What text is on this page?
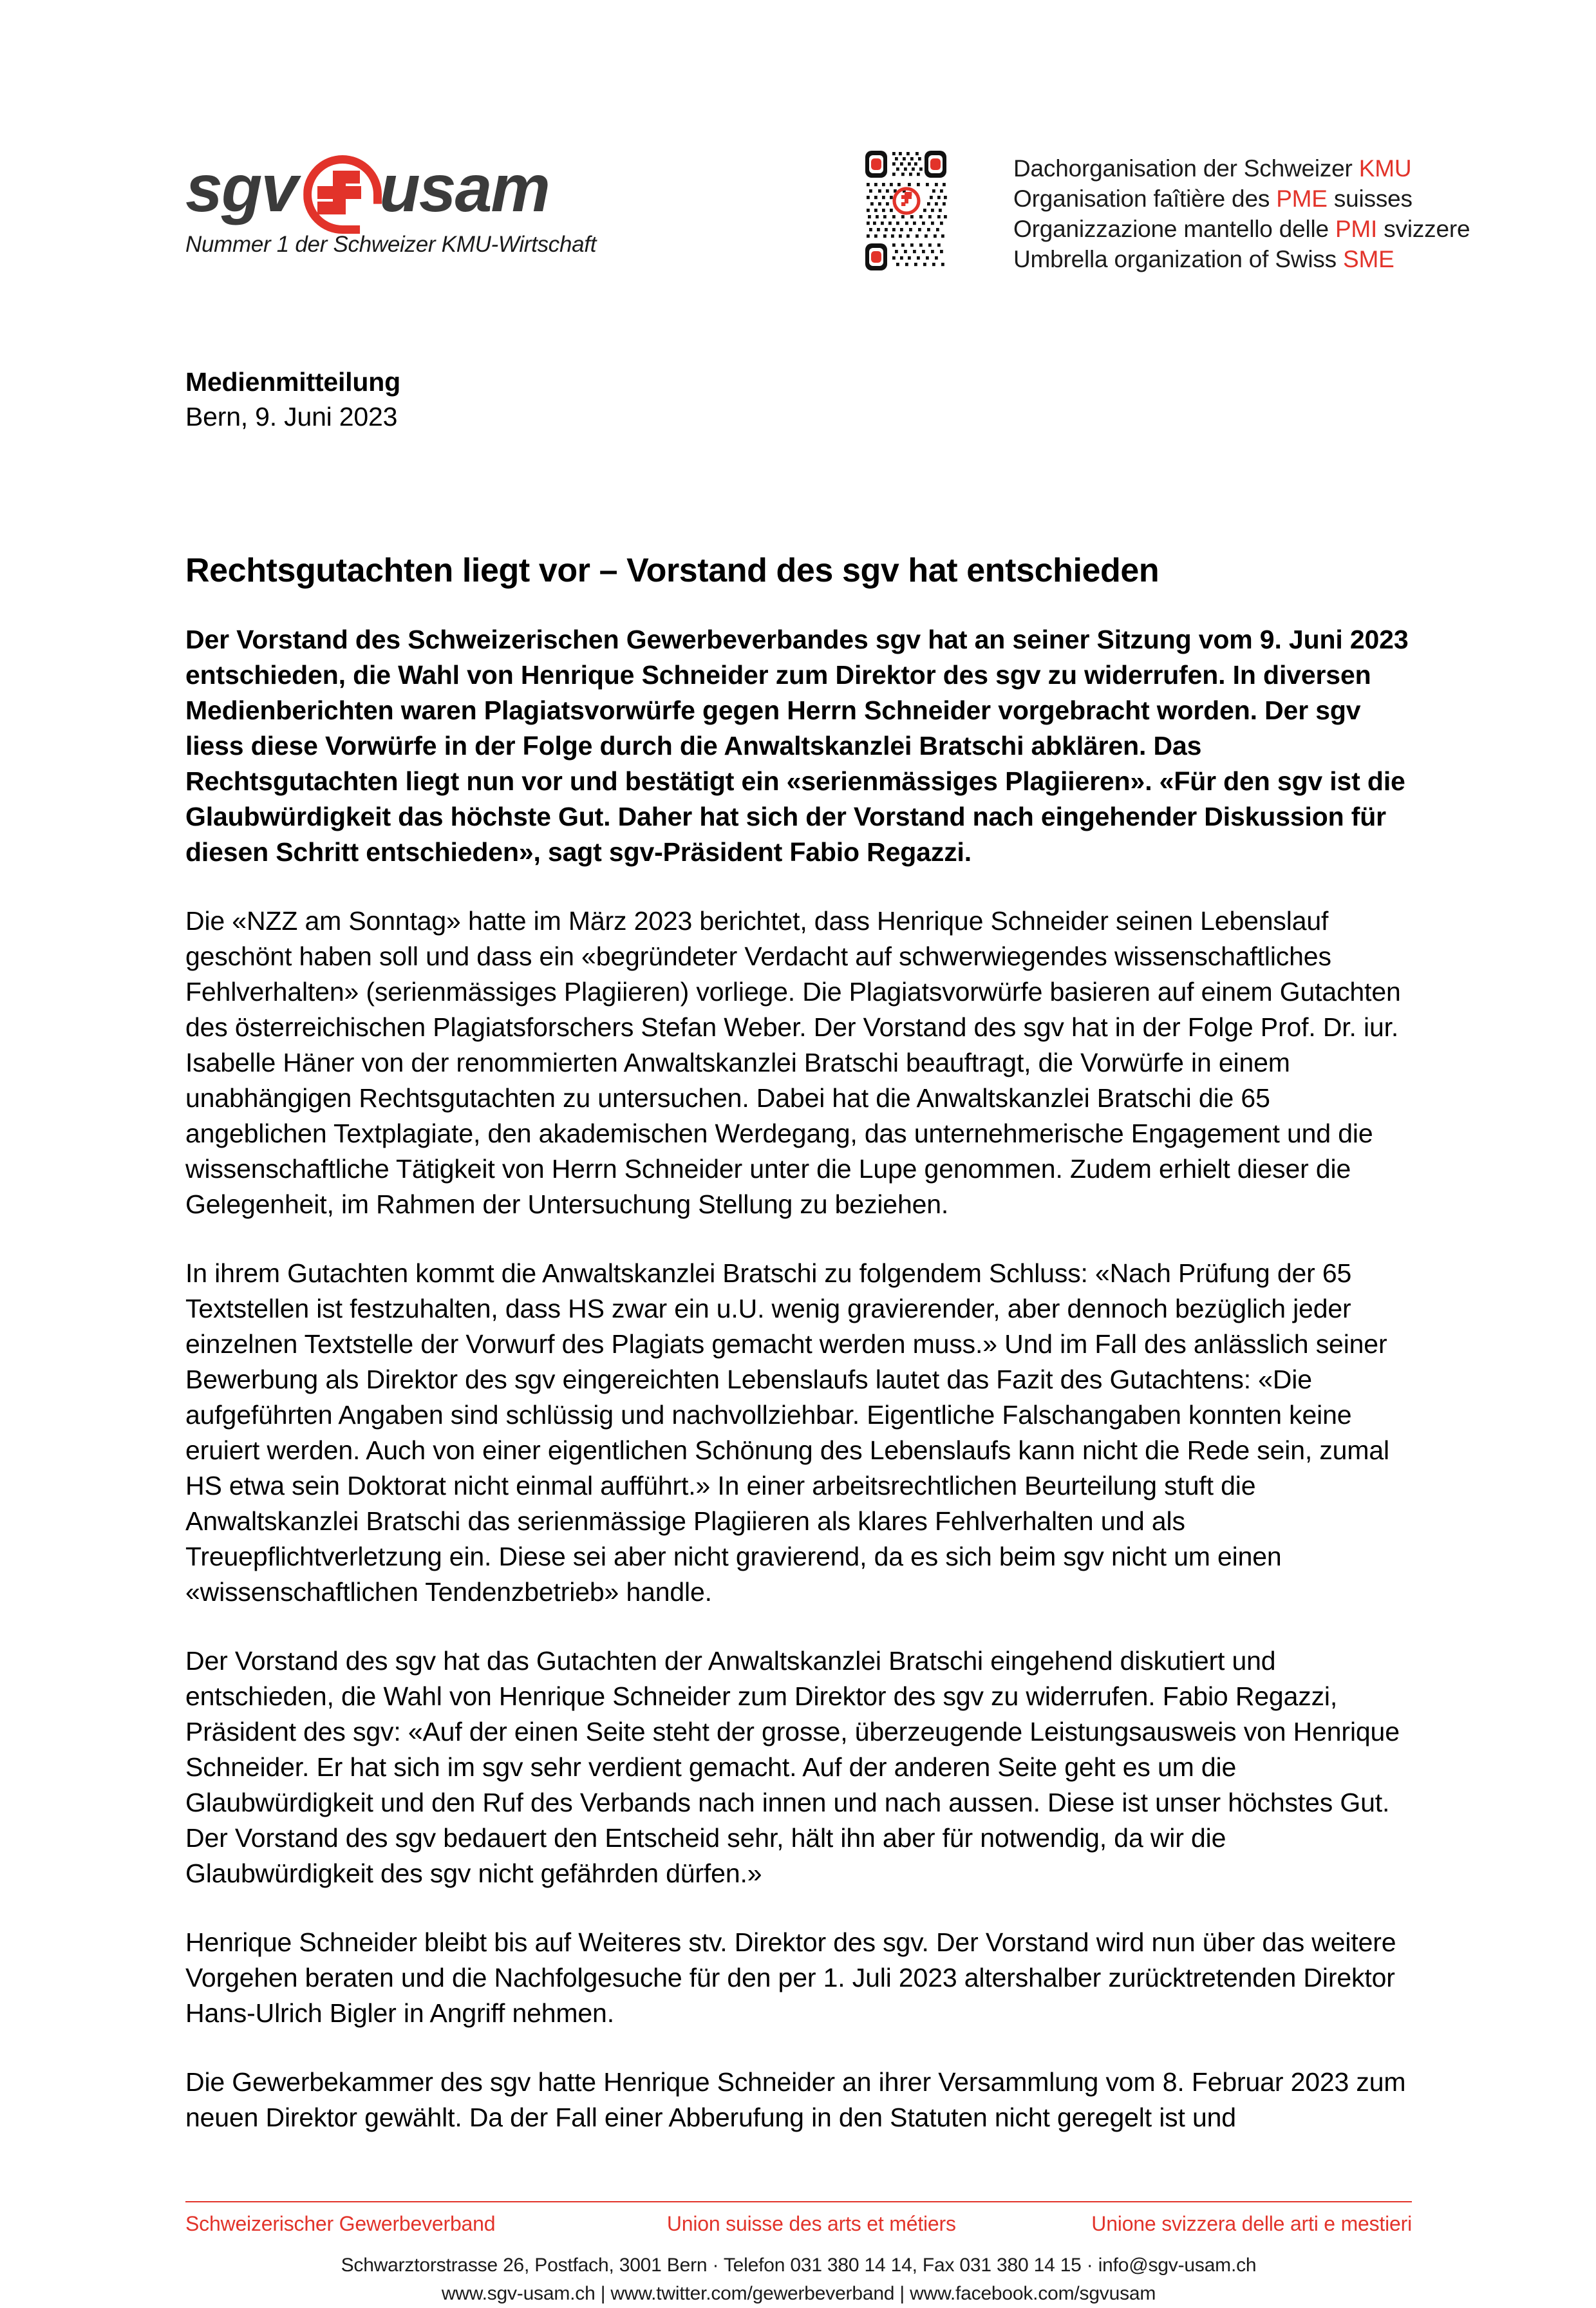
sgv usam
Nummer 1 der Schweizer KMU-Wirtschaft
Dachorganisation der Schweizer KMU
Organisation faîtière des PME suisses
Organizzazione mantello delle PMI svizzere
Umbrella organization of Swiss SME
Medienmitteilung
Bern, 9. Juni 2023
Rechtsgutachten liegt vor – Vorstand des sgv hat entschieden

Der Vorstand des Schweizerischen Gewerbeverbandes sgv hat an seiner Sitzung vom 9. Juni 2023 entschieden, die Wahl von Henrique Schneider zum Direktor des sgv zu widerrufen. In diversen Medienberichten waren Plagiatsvorwürfe gegen Herrn Schneider vorgebracht worden. Der sgv liess diese Vorwürfe in der Folge durch die Anwaltskanzlei Bratschi abklären. Das Rechtsgutachten liegt nun vor und bestätigt ein «serienmässiges Plagiieren». «Für den sgv ist die Glaubwürdigkeit das höchste Gut. Daher hat sich der Vorstand nach eingehender Diskussion für diesen Schritt entschieden», sagt sgv-Präsident Fabio Regazzi.

Die «NZZ am Sonntag» hatte im März 2023 berichtet, dass Henrique Schneider seinen Lebenslauf geschönt haben soll und dass ein «begründeter Verdacht auf schwerwiegendes wissenschaftliches Fehlverhalten» (serienmässiges Plagiieren) vorliege. Die Plagiatsvorwürfe basieren auf einem Gutachten des österreichischen Plagiatsforschers Stefan Weber. Der Vorstand des sgv hat in der Folge Prof. Dr. iur. Isabelle Häner von der renommierten Anwaltskanzlei Bratschi beauftragt, die Vorwürfe in einem unabhängigen Rechtsgutachten zu untersuchen. Dabei hat die Anwaltskanzlei Bratschi die 65 angeblichen Textplagiate, den akademischen Werdegang, das unternehmerische Engagement und die wissenschaftliche Tätigkeit von Herrn Schneider unter die Lupe genommen. Zudem erhielt dieser die Gelegenheit, im Rahmen der Untersuchung Stellung zu beziehen.

In ihrem Gutachten kommt die Anwaltskanzlei Bratschi zu folgendem Schluss: «Nach Prüfung der 65 Textstellen ist festzuhalten, dass HS zwar ein u.U. wenig gravierender, aber dennoch bezüglich jeder einzelnen Textstelle der Vorwurf des Plagiats gemacht werden muss.» Und im Fall des anlässlich seiner Bewerbung als Direktor des sgv eingereichten Lebenslaufs lautet das Fazit des Gutachtens: «Die aufgeführten Angaben sind schlüssig und nachvollziehbar. Eigentliche Falschangaben konnten keine eruiert werden. Auch von einer eigentlichen Schönung des Lebenslaufs kann nicht die Rede sein, zumal HS etwa sein Doktorat nicht einmal aufführt.» In einer arbeitsrechtlichen Beurteilung stuft die Anwaltskanzlei Bratschi das serienmässige Plagiieren als klares Fehlverhalten und als Treuepflichtverletzung ein. Diese sei aber nicht gravierend, da es sich beim sgv nicht um einen «wissenschaftlichen Tendenzbetrieb» handle.

Der Vorstand des sgv hat das Gutachten der Anwaltskanzlei Bratschi eingehend diskutiert und entschieden, die Wahl von Henrique Schneider zum Direktor des sgv zu widerrufen. Fabio Regazzi, Präsident des sgv: «Auf der einen Seite steht der grosse, überzeugende Leistungsausweis von Henrique Schneider. Er hat sich im sgv sehr verdient gemacht. Auf der anderen Seite geht es um die Glaubwürdigkeit und den Ruf des Verbands nach innen und nach aussen. Diese ist unser höchstes Gut. Der Vorstand des sgv bedauert den Entscheid sehr, hält ihn aber für notwendig, da wir die Glaubwürdigkeit des sgv nicht gefährden dürfen.»

Henrique Schneider bleibt bis auf Weiteres stv. Direktor des sgv. Der Vorstand wird nun über das weitere Vorgehen beraten und die Nachfolgesuche für den per 1. Juli 2023 altershalber zurücktretenden Direktor Hans-Ulrich Bigler in Angriff nehmen.

Die Gewerbekammer des sgv hatte Henrique Schneider an ihrer Versammlung vom 8. Februar 2023 zum neuen Direktor gewählt. Da der Fall einer Abberufung in den Statuten nicht geregelt ist und

Schweizerischer Gewerbeverband	Union suisse des arts et métiers	Unione svizzera delle arti e mestieri
Schwarztorstrasse 26, Postfach, 3001 Bern · Telefon 031 380 14 14, Fax 031 380 14 15 · info@sgv-usam.ch
www.sgv-usam.ch | www.twitter.com/gewerbeverband | www.facebook.com/sgvusam
